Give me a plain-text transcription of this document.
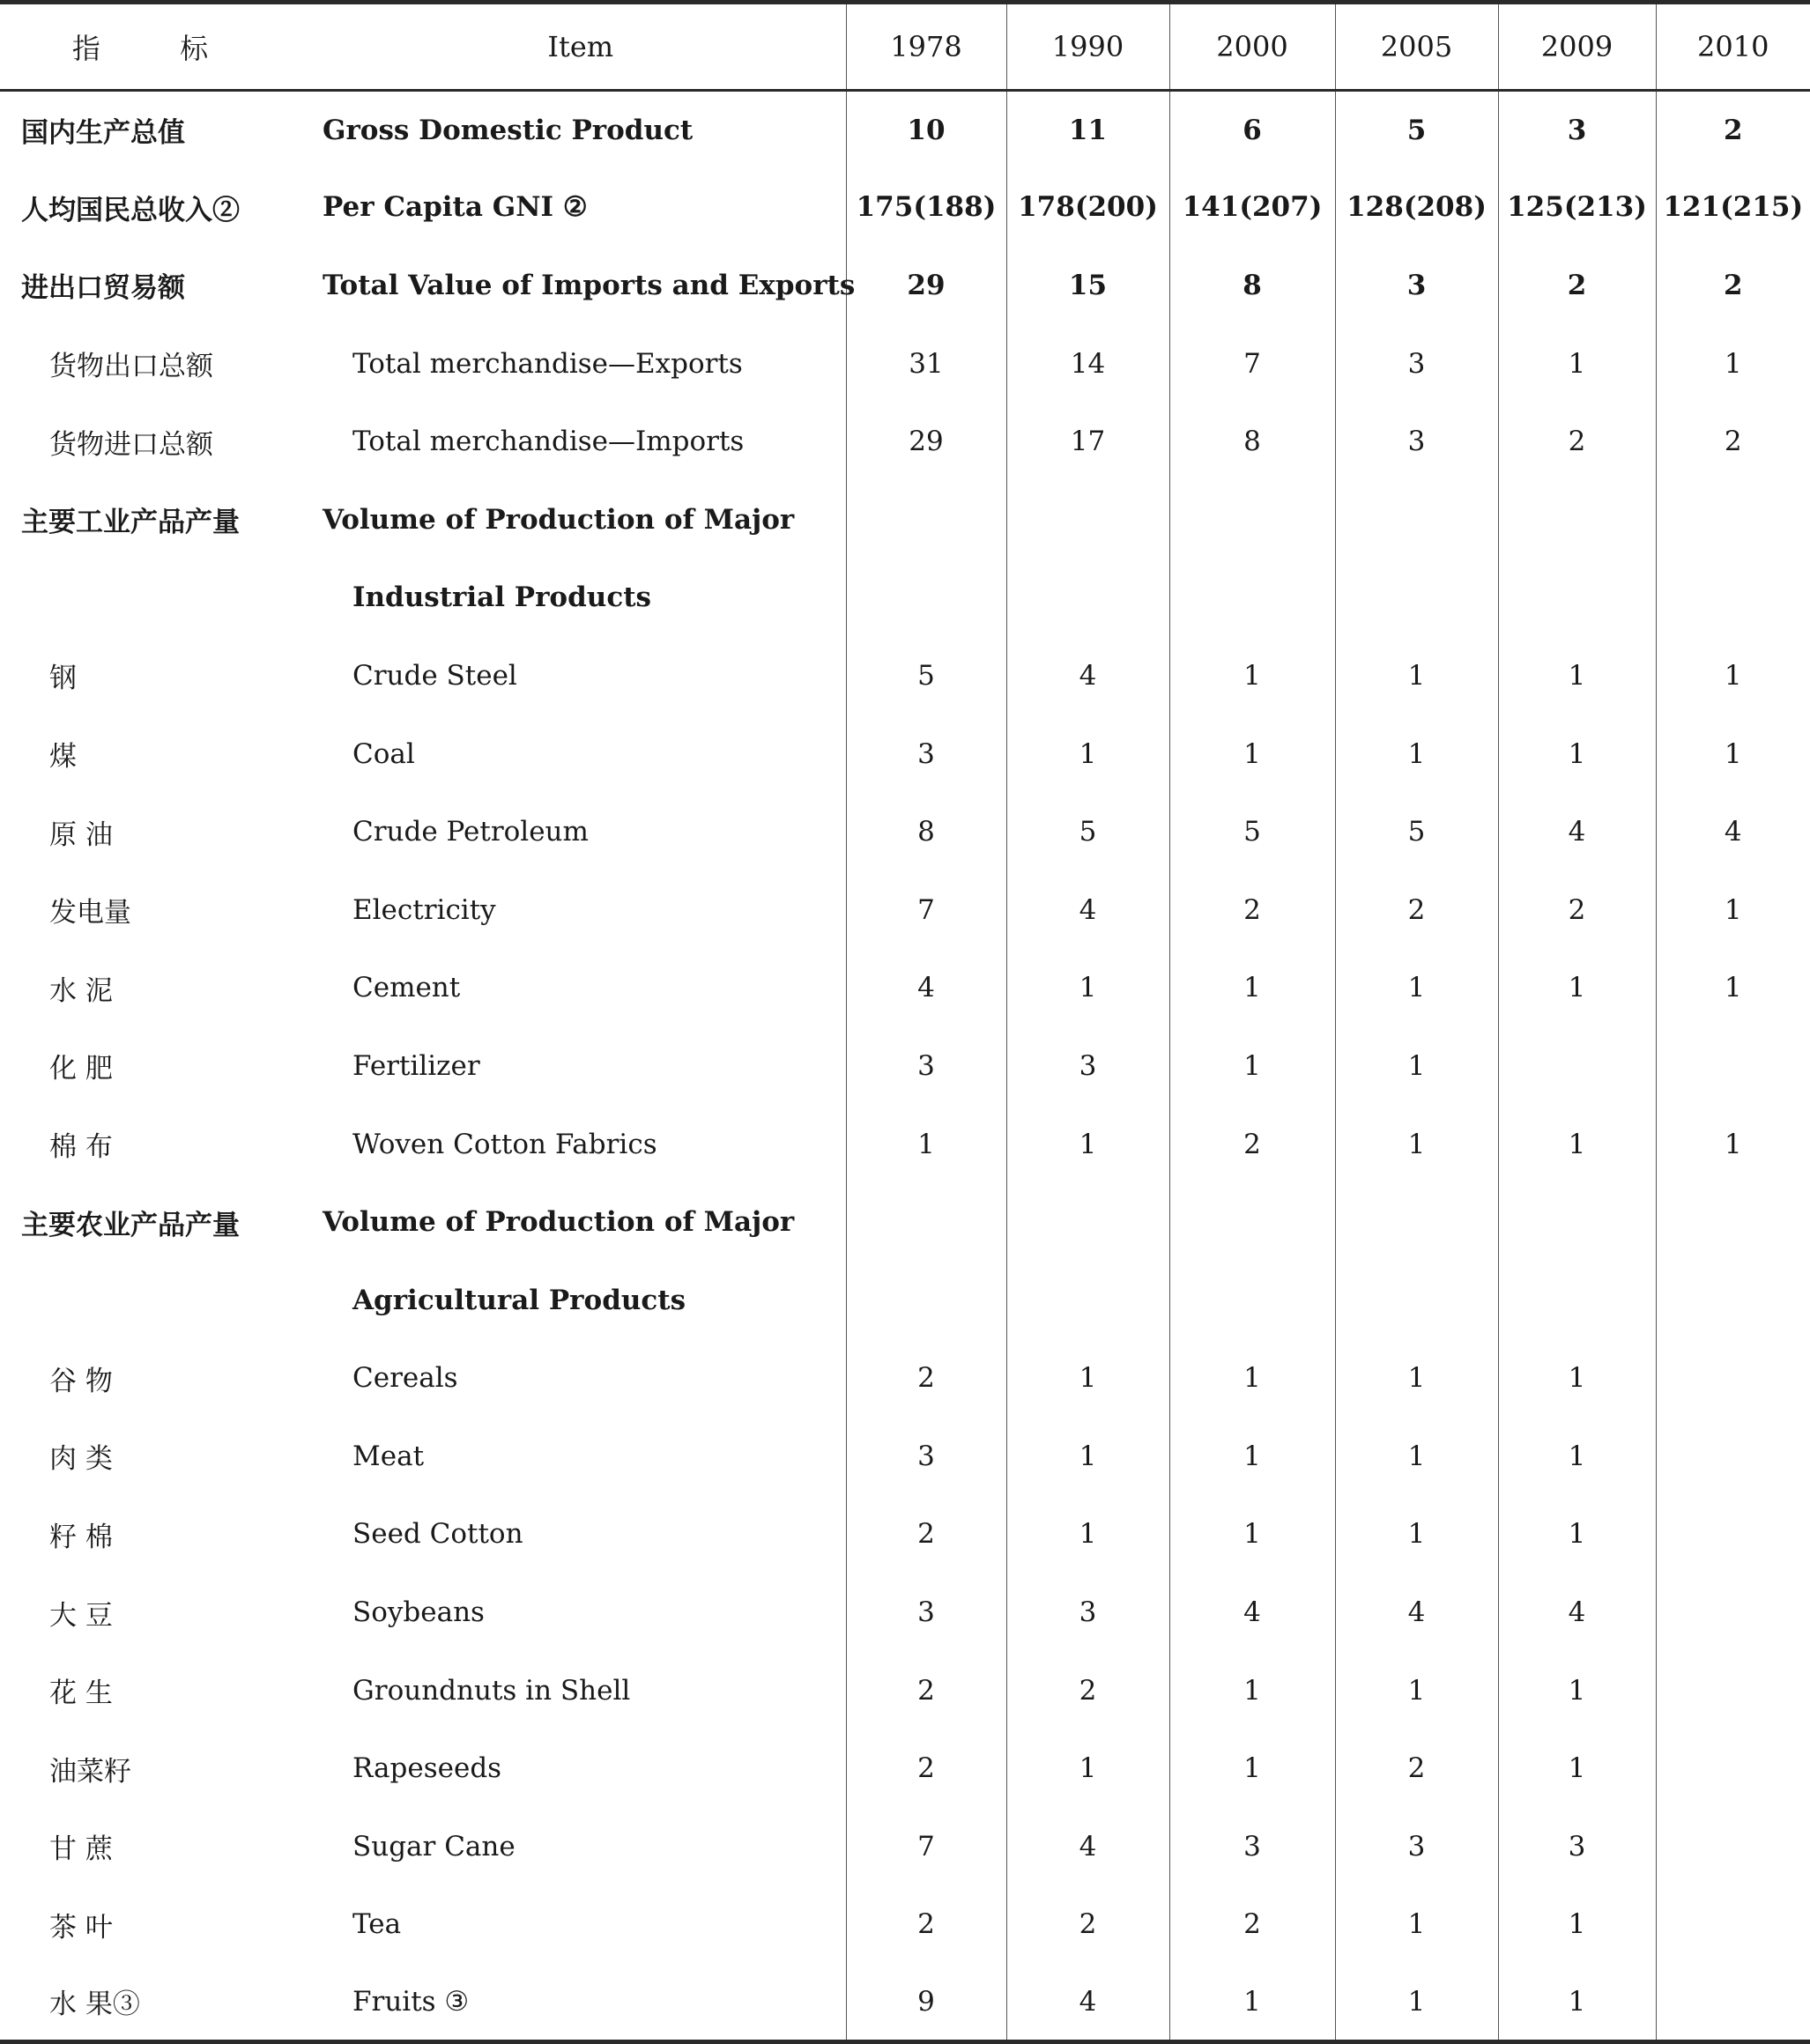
指 标	Item	1978	1990	2000	2005	2009	2010
国内生产总值	Gross Domestic Product	10	11	6	5	3	2
人均国民总收入②	Per Capita GNI ②	175(188)	178(200)	141(207)	128(208)	125(213)	121(215)
进出口贸易额	Total Value of Imports and Exports	29	15	8	3	2	2
货物出口总额	Total merchandise—Exports	31	14	7	3	1	1
货物进口总额	Total merchandise—Imports	29	17	8	3	2	2
主要工业产品产量	Volume of Production of Major						
	Industrial Products						
钢	Crude Steel	5	4	1	1	1	1
煤	Coal	3	1	1	1	1	1
原 油	Crude Petroleum	8	5	5	5	4	4
发电量	Electricity	7	4	2	2	2	1
水 泥	Cement	4	1	1	1	1	1
化 肥	Fertilizer	3	3	1	1		
棉 布	Woven Cotton Fabrics	1	1	2	1	1	1
主要农业产品产量	Volume of Production of Major						
	Agricultural Products						
谷 物	Cereals	2	1	1	1	1	
肉 类	Meat	3	1	1	1	1	
籽 棉	Seed Cotton	2	1	1	1	1	
大 豆	Soybeans	3	3	4	4	4	
花 生	Groundnuts in Shell	2	2	1	1	1	
油菜籽	Rapeseeds	2	1	1	2	1	
甘 蔗	Sugar Cane	7	4	3	3	3	
茶 叶	Tea	2	2	2	1	1	
水 果③	Fruits ③	9	4	1	1	1	
